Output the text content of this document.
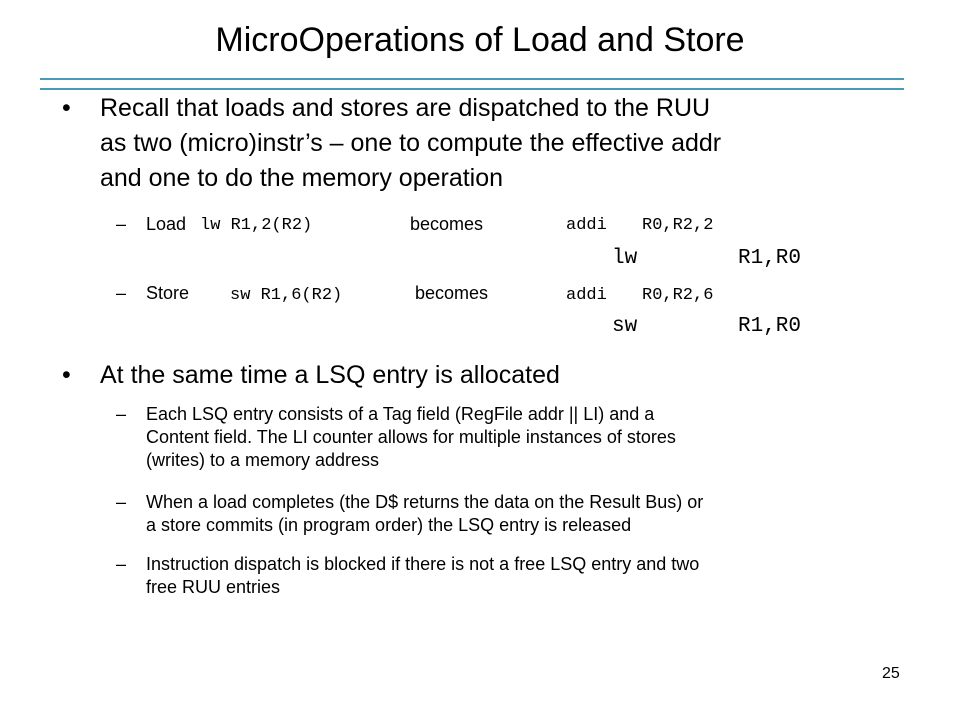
MicroOperations of Load and Store
•	Recall that loads and stores are dispatched to the RUU
as two (micro)instr’s – one to compute the effective addr
and one to do the memory operation
– Load lw R1,2(R2)	becomes	addi R0,R2,2
lw	R1,R0
– Store sw R1,6(R2)	becomes	addi R0,R2,6
sw	R1,R0
•	At the same time a LSQ entry is allocated
– Each LSQ entry consists of a Tag field (RegFile addr || LI) and a
Content field. The LI counter allows for multiple instances of stores
(writes) to a memory address
– When a load completes (the D$ returns the data on the Result Bus) or
a store commits (in program order) the LSQ entry is released
– Instruction dispatch is blocked if there is not a free LSQ entry and two
free RUU entries
25
